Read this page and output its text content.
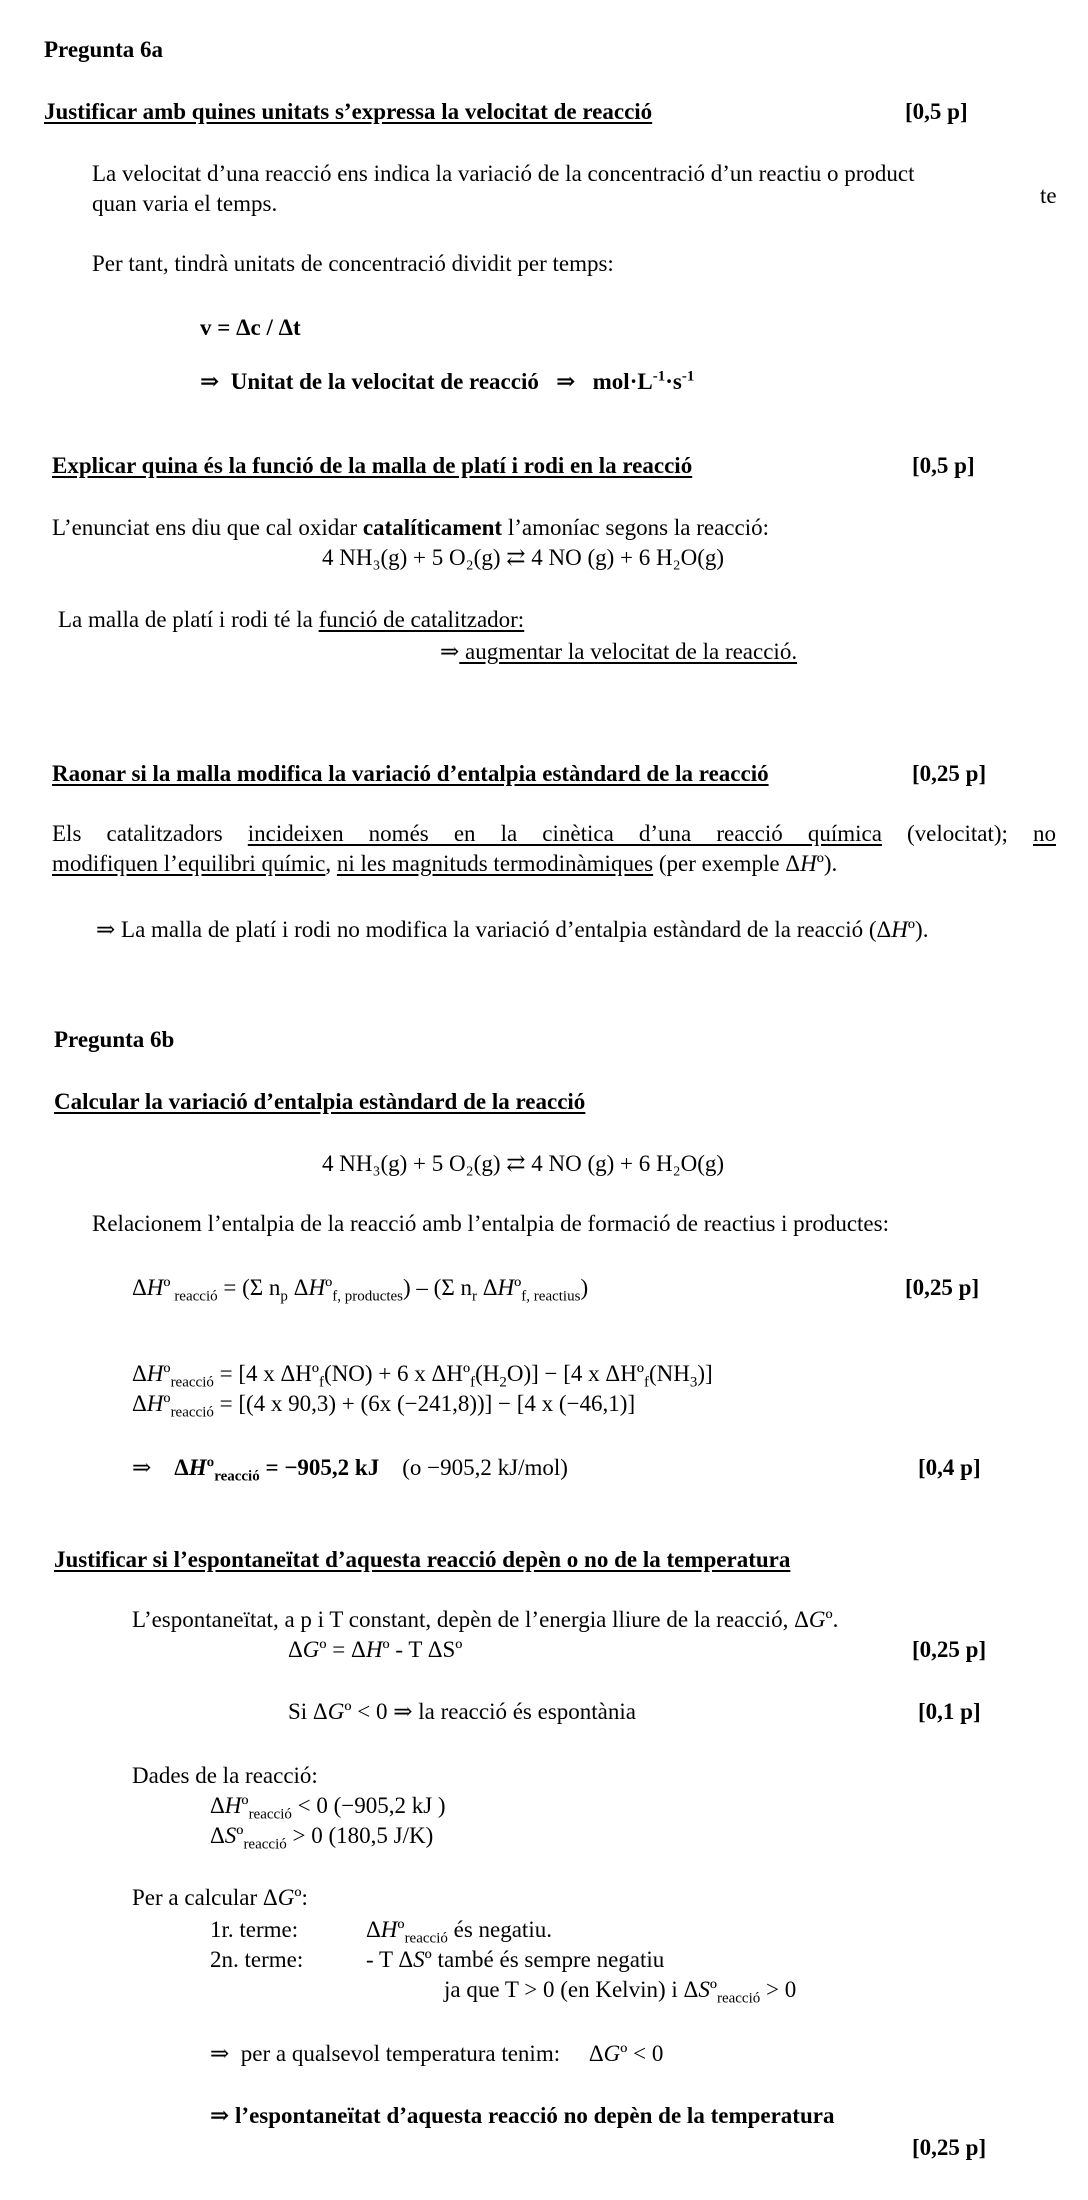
Pregunta 6a
Justificar amb quines unitats s’expressa la velocitat de reacció	[0,5 p]
La velocitat d’una reacció ens indica la variació de la concentració d’un reactiu o product
te
quan varia el temps.
Per tant, tindrà unitats de concentració dividit per temps:
v = Δc / Δt
⇒ Unitat de la velocitat de reacció ⇒ $mol\cdot L^{-1}\cdot s^{-1}$
Explicar quina és la funció de la malla de platí i rodi en la reacció	[0,5 p]
L’enunciat ens diu que cal oxidar catalíticament l’amoníac segons la reacció:
4 NH₃(g) + 5 O₂(g) ⇄ 4 NO (g) + 6 H₂O(g)
La malla de platí i rodi té la funció de catalitzador:
⇒ augmentar la velocitat de la reacció.
Raonar si la malla modifica la variació d’entalpia estàndard de la reacció	[0,25 p]
Els catalitzadors incideixen només en la cinètica d’una reacció química (velocitat); no
modifiquen l’equilibri químic, ni les magnituds termodinàmiques (per exemple ΔHº).
⇒ La malla de platí i rodi no modifica la variació d’entalpia estàndard de la reacció (ΔHº).
Pregunta 6b
Calcular la variació d’entalpia estàndard de la reacció
4 NH₃(g) + 5 O₂(g) ⇄ 4 NO (g) + 6 H₂O(g)
Relacionem l’entalpia de la reacció amb l’entalpia de formació de reactius i productes:
ΔHº $_{reacció}$ = (Σ $n_p$ ΔHº$_{f, productes}$) – (Σ $n_r$ ΔHº$_{f, reactius}$)	[0,25 p]
ΔHº$_{reacció}$ = [4 x ΔHº$_f$(NO) + 6 x $\Delta Hº_f(H_2O)] - [4$ x $\Delta Hº_f(NH_3)$]
ΔHº$_{reacció}$ = [(4 x 90,3) + (6x (−241,8))] − [4 x (−46,1)]
⇒ ΔHº$_{reacció}$ = −905,2 kJ (o −905,2 kJ/mol)	[0,4 p]
Justificar si l’espontaneïtat d’aquesta reacció depèn o no de la temperatura
L’espontaneïtat, a p i T constant, depèn de l’energia lliure de la reacció, ΔGº.
ΔGº = ΔHº - T ΔSº	[0,25 p]
Si ΔGº < 0 ⇒ la reacció és espontània	[0,1 p]
Dades de la reacció:
ΔHº$_{reacció}$ < 0 (−905,2 kJ )
ΔSº$_{reacció}$ > 0 (180,5 J/K)
Per a calcular ΔGº:
1r. terme:	ΔHº$_{reacció}$ és negatiu.
2n. terme:	- T ΔSº també és sempre negatiu
ja que T > 0 (en Kelvin) i ΔSº$_{reacció}$ > 0
⇒ per a qualsevol temperatura tenim: ΔGº < 0
⇒ l’espontaneïtat d’aquesta reacció no depèn de la temperatura
[0,25 p]
